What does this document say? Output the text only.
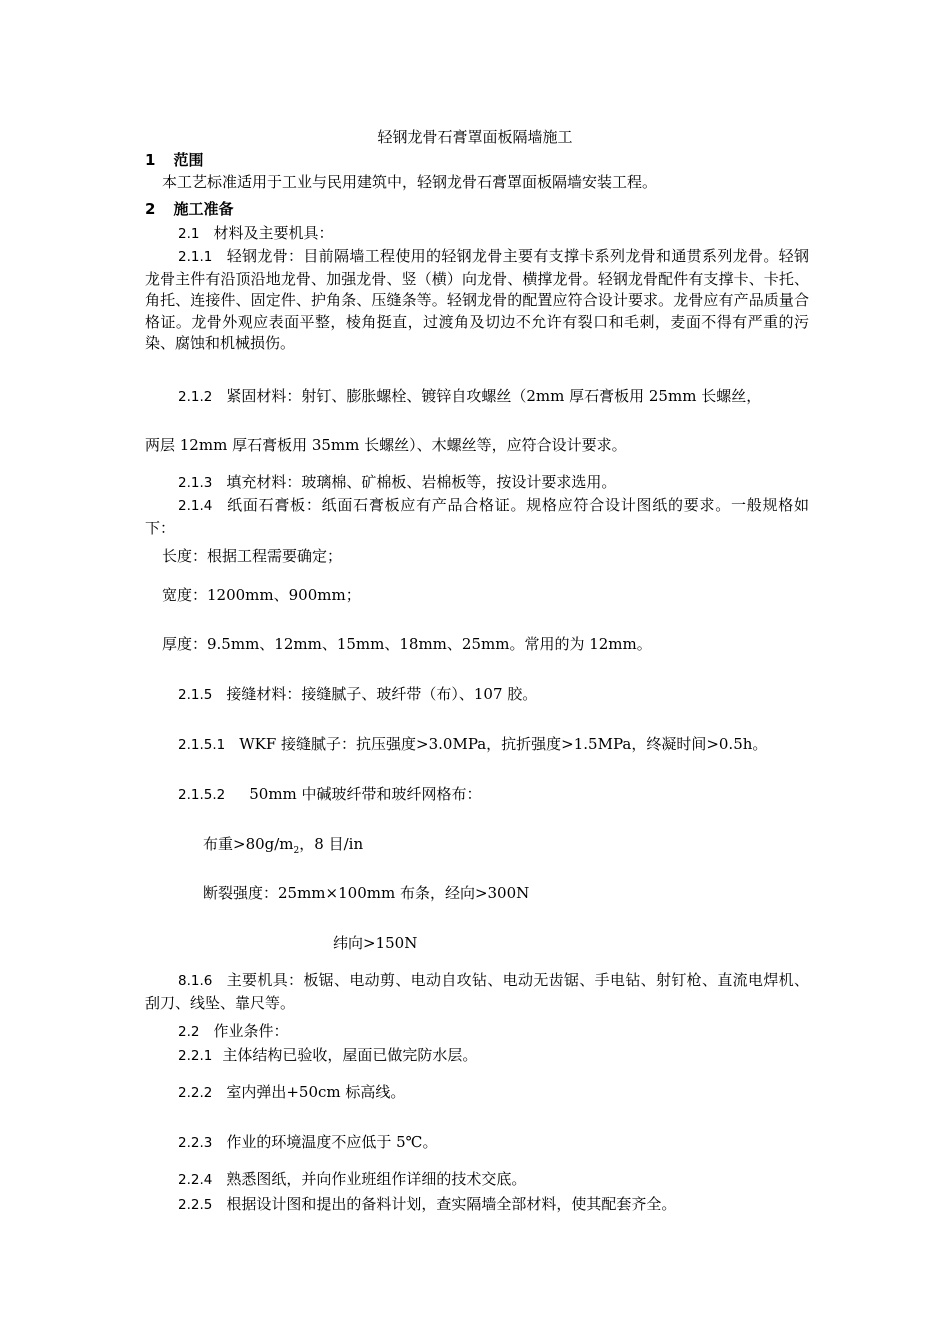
轻钢龙骨石膏罩面板隔墙施工
1 范围
本工艺标准适用于工业与民用建筑中，轻钢龙骨石膏罩面板隔墙安装工程。
2 施工准备
2.1 材料及主要机具：
2.1.1 轻钢龙骨：目前隔墙工程使用的轻钢龙骨主要有支撑卡系列龙骨和通贯系列龙骨。轻钢龙骨主件有沿顶沿地龙骨、加强龙骨、竖（横）向龙骨、横撑龙骨。轻钢龙骨配件有支撑卡、卡托、角托、连接件、固定件、护角条、压缝条等。轻钢龙骨的配置应符合设计要求。龙骨应有产品质量合格证。龙骨外观应表面平整，棱角挺直，过渡角及切边不允许有裂口和毛刺，麦面不得有严重的污染、腐蚀和机械损伤。
2.1.2 紧固材料：射钉、膨胀螺栓、镀锌自攻螺丝（2mm 厚石膏板用 25mm 长螺丝，
两层 12mm 厚石膏板用 35mm 长螺丝）、木螺丝等，应符合设计要求。
2.1.3 填充材料：玻璃棉、矿棉板、岩棉板等，按设计要求选用。
2.1.4 纸面石膏板：纸面石膏板应有产品合格证。规格应符合设计图纸的要求。一般规格如下：
长度：根据工程需要确定；
宽度：1200mm、900mm；
厚度：9.5mm、12mm、15mm、18mm、25mm。常用的为 12mm。
2.1.5 接缝材料：接缝腻子、玻纤带（布）、107 胶。
2.1.5.1 WKF 接缝腻子：抗压强度>3.0MPa，抗折强度>1.5MPa，终凝时间>0.5h。
2.1.5.2 50mm 中碱玻纤带和玻纤网格布：
布重$>80g/m_2$，8 目/in
断裂强度：25mm×100mm 布条，经向>300N
纬向>150N
8.1.6 主要机具：板锯、电动剪、电动自攻钻、电动无齿锯、手电钻、射钉枪、直流电焊机、刮刀、线坠、靠尺等。
2.2 作业条件：
2.2.1 主体结构已验收，屋面已做完防水层。
2.2.2 室内弹出+50cm 标高线。
2.2.3 作业的环境温度不应低于 5℃。
2.2.4 熟悉图纸，并向作业班组作详细的技术交底。
2.2.5 根据设计图和提出的备料计划，查实隔墙全部材料，使其配套齐全。
